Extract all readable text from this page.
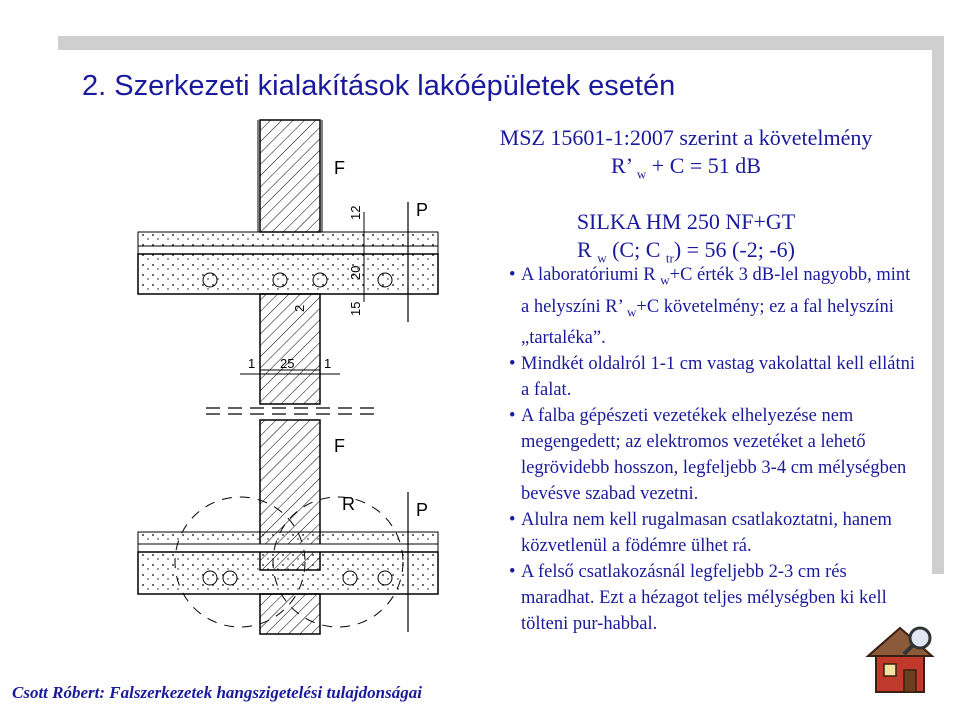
2. Szerkezeti kialakítások lakóépületek esetén
F
P
F
R	P
12
20
15
2
1 25 1
MSZ 15601-1:2007 szerint a követelmény
R’ $_w$ + C = 51 dB
SILKA HM 250 NF+GT
R $_w$ (C; C $_{tr}$) = 56 (-2; -6)

• A laboratóriumi R $_w$+C érték 3 dB-lel nagyobb, mint a helyszíni R’ $_w$+C követelmény; ez a fal helyszíni „tartaléka”.

• Mindkét oldalról 1-1 cm vastag vakolattal kell ellátni a falat.

• A falba gépészeti vezetékek elhelyezése nem megengedett; az elektromos vezetéket a lehető legrövidebb hosszon, legfeljebb 3-4 cm mélységben bevésve szabad vezetni.

• Alulra nem kell rugalmasan csatlakoztatni, hanem közvetlenül a födémre ülhet rá.

• A felső csatlakozásnál legfeljebb 2-3 cm rés maradhat. Ezt a hézagot teljes mélységben ki kell tölteni pur-habbal.

Csott Róbert: Falszerkezetek hangszigetelési tulajdonságai
